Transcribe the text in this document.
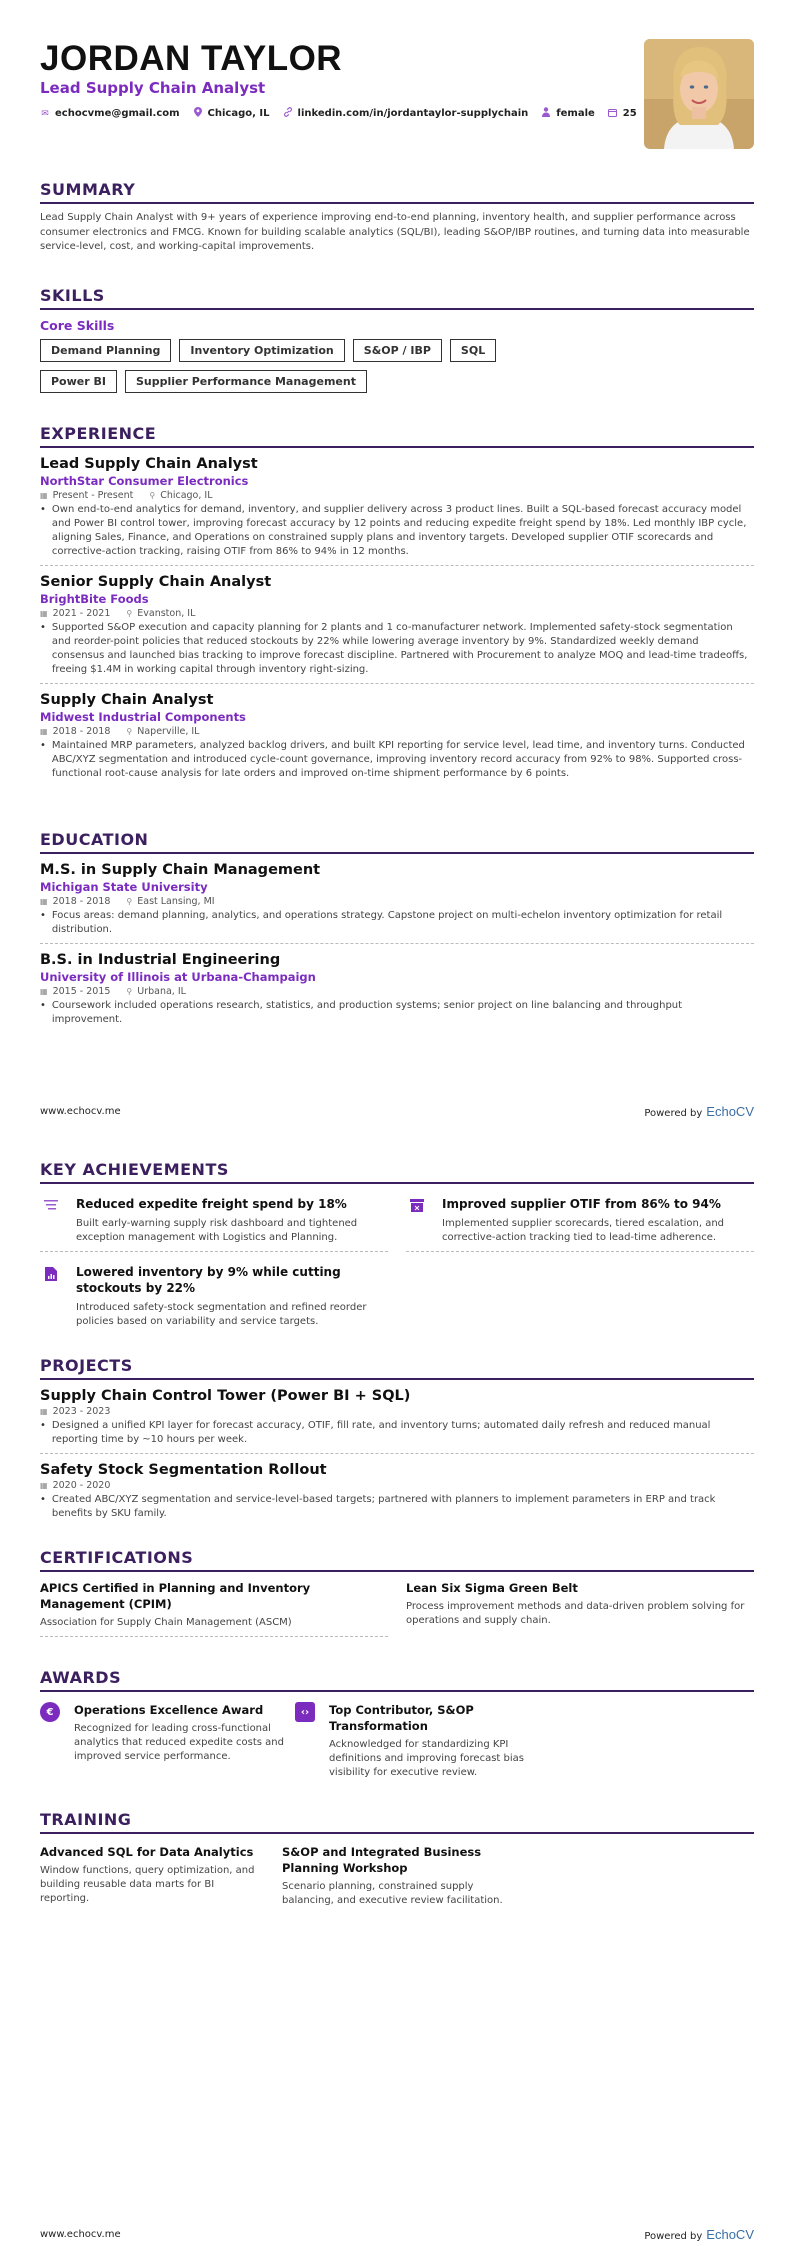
JORDAN TAYLOR
Lead Supply Chain Analyst
✉ echocvme@gmail.com	Chicago, IL	linkedin.com/in/jordantaylor-supplychain	female	25
SUMMARY
Lead Supply Chain Analyst with 9+ years of experience improving end-to-end planning, inventory health, and supplier performance across consumer electronics and FMCG. Known for building scalable analytics (SQL/BI), leading S&OP/IBP routines, and turning data into measurable service-level, cost, and working-capital improvements.
SKILLS
Core Skills
Demand Planning	Inventory Optimization	S&OP / IBP	SQL
Power BI	Supplier Performance Management
EXPERIENCE
Lead Supply Chain Analyst
NorthStar Consumer Electronics
▦ Present - Present ⚲ Chicago, IL
• Own end-to-end analytics for demand, inventory, and supplier delivery across 3 product lines. Built a SQL-based forecast accuracy model and Power BI control tower, improving forecast accuracy by 12 points and reducing expedite freight spend by 18%. Led monthly IBP cycle, aligning Sales, Finance, and Operations on constrained supply plans and inventory targets. Developed supplier OTIF scorecards and corrective-action tracking, raising OTIF from 86% to 94% in 12 months.
Senior Supply Chain Analyst
BrightBite Foods
▦ 2021 - 2021 ⚲ Evanston, IL
• Supported S&OP execution and capacity planning for 2 plants and 1 co-manufacturer network. Implemented safety-stock segmentation and reorder-point policies that reduced stockouts by 22% while lowering average inventory by 9%. Standardized weekly demand consensus and launched bias tracking to improve forecast discipline. Partnered with Procurement to analyze MOQ and lead-time tradeoffs, freeing $1.4M in working capital through inventory right-sizing.
Supply Chain Analyst
Midwest Industrial Components
▦ 2018 - 2018 ⚲ Naperville, IL
• Maintained MRP parameters, analyzed backlog drivers, and built KPI reporting for service level, lead time, and inventory turns. Conducted ABC/XYZ segmentation and introduced cycle-count governance, improving inventory record accuracy from 92% to 98%. Supported cross-functional root-cause analysis for late orders and improved on-time shipment performance by 6 points.
EDUCATION
M.S. in Supply Chain Management
Michigan State University
▦ 2018 - 2018 ⚲ East Lansing, MI
• Focus areas: demand planning, analytics, and operations strategy. Capstone project on multi-echelon inventory optimization for retail distribution.
B.S. in Industrial Engineering
University of Illinois at Urbana-Champaign
▦ 2015 - 2015 ⚲ Urbana, IL
• Coursework included operations research, statistics, and production systems; senior project on line balancing and throughput improvement.
www.echocv.me	Powered by EchoCV
KEY ACHIEVEMENTS
Reduced expedite freight spend by 18%
Built early-warning supply risk dashboard and tightened exception management with Logistics and Planning.
Improved supplier OTIF from 86% to 94%
Implemented supplier scorecards, tiered escalation, and corrective-action tracking tied to lead-time adherence.
Lowered inventory by 9% while cutting stockouts by 22%
Introduced safety-stock segmentation and refined reorder policies based on variability and service targets.
PROJECTS
Supply Chain Control Tower (Power BI + SQL)
▦ 2023 - 2023
• Designed a unified KPI layer for forecast accuracy, OTIF, fill rate, and inventory turns; automated daily refresh and reduced manual reporting time by ~10 hours per week.
Safety Stock Segmentation Rollout
▦ 2020 - 2020
• Created ABC/XYZ segmentation and service-level-based targets; partnered with planners to implement parameters in ERP and track benefits by SKU family.
CERTIFICATIONS
APICS Certified in Planning and Inventory Management (CPIM)
Association for Supply Chain Management (ASCM)
Lean Six Sigma Green Belt
Process improvement methods and data-driven problem solving for operations and supply chain.
AWARDS
€	Operations Excellence Award
Recognized for leading cross-functional analytics that reduced expedite costs and improved service performance.
‹›	Top Contributor, S&OP Transformation
Acknowledged for standardizing KPI definitions and improving forecast bias visibility for executive review.
TRAINING
Advanced SQL for Data Analytics
Window functions, query optimization, and building reusable data marts for BI reporting.
S&OP and Integrated Business Planning Workshop
Scenario planning, constrained supply balancing, and executive review facilitation.
www.echocv.me	Powered by EchoCV
